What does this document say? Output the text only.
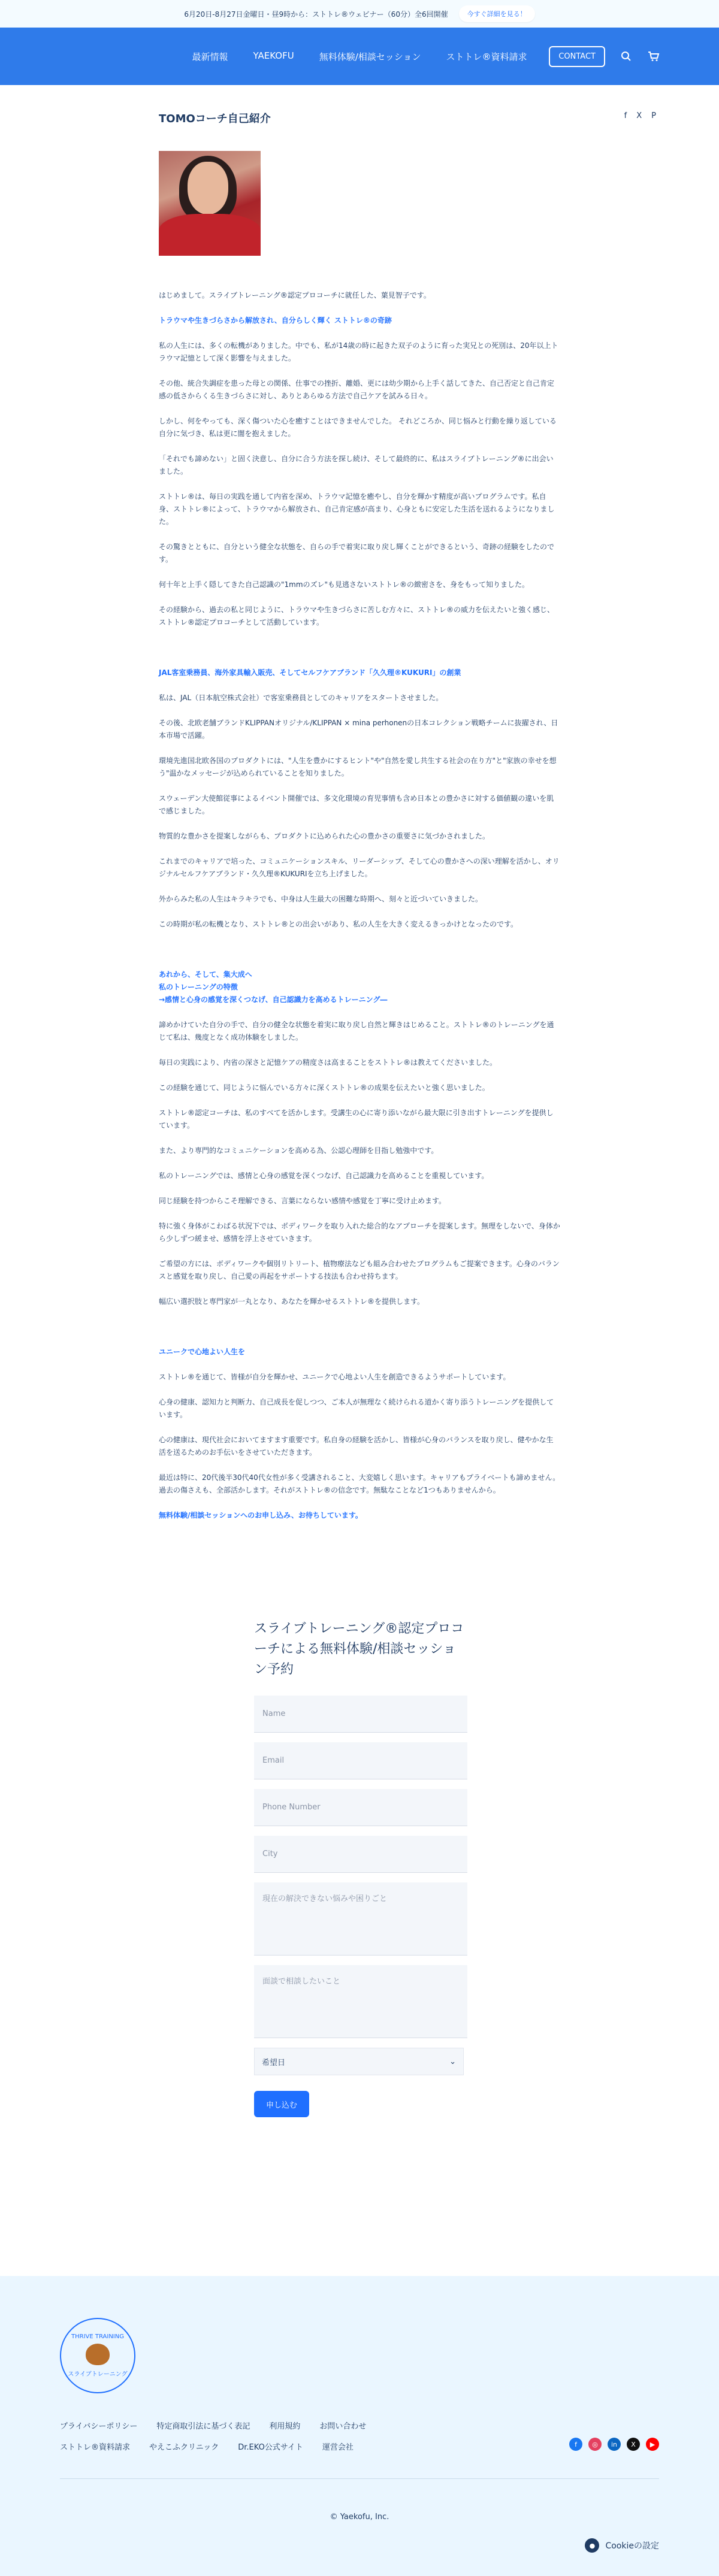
6月20日-8月27日金曜日・昼9時から：ストトレ®ウェビナー（60分）全6回開催	今すぐ詳細を見る！
最新情報	YAEKOFU	無料体験/相談セッション	ストトレ®資料請求	CONTACT
TOMOコーチ自己紹介	f X P

はじめまして。スライブトレーニング®認定プロコーチに就任した、葉見智子です。

トラウマや生きづらさから解放され、自分らしく輝く ストトレ®の奇跡

私の人生には、多くの転機がありました。中でも、私が14歳の時に起きた双子のように育った実兄との死別は、20年以上トラウマ記憶として深く影響を与えました。

その他、統合失調症を患った母との関係、仕事での挫折、離婚、更には幼少期から上手く話してきた、自己否定と自己肯定感の低さからくる生きづらさに対し、ありとあらゆる方法で自己ケアを試みる日々。

しかし、何をやっても、深く傷ついた心を癒すことはできませんでした。 それどころか、同じ悩みと行動を繰り返している自分に気づき、私は更に闇を抱えました。

「それでも諦めない」と固く決意し、自分に合う方法を探し続け、そして最終的に、私はスライブトレーニング®に出会いました。

ストトレ®は、毎日の実践を通して内省を深め、トラウマ記憶を癒やし、自分を輝かす精度が高いプログラムです。私自身、ストトレ®によって、トラウマから解放され、自己肯定感が高まり、心身ともに安定した生活を送れるようになりました。

その驚きとともに、自分という健全な状態を、自らの手で着実に取り戻し輝くことができるという、奇跡の経験をしたのです。

何十年と上手く隠してきた自己認識の"1mmのズレ"も見逃さないストトレ®の緻密さを、身をもって知りました。

その経験から、過去の私と同じように、トラウマや生きづらさに苦しむ方々に、ストトレ®の威力を伝えたいと強く感じ、ストトレ®認定プロコーチとして活動しています。

JAL客室乗務員、海外家具輸入販売、そしてセルフケアブランド「久久理®KUKURI」の創業

私は、JAL（日本航空株式会社）で客室乗務員としてのキャリアをスタートさせました。

その後、北欧老舗ブランドKLIPPANオリジナル/KLIPPAN × mina perhonenの日本コレクション戦略チームに抜擢され、日本市場で活躍。

環境先進国北欧各国のプロダクトには、"人生を豊かにするヒント"や"自然を愛し共生する社会の在り方"と"家族の幸せを想う"温かなメッセージが込められていることを知りました。

スウェーデン大使館従事によるイベント開催では、多文化環境の育児事情も含め日本との豊かさに対する価値観の違いを肌で感じました。

物質的な豊かさを提案しながらも、プロダクトに込められた心の豊かさの重要さに気づかされました。

これまでのキャリアで培った、コミュニケーションスキル、リーダーシップ、そして心の豊かさへの深い理解を活かし、オリジナルセルフケアブランド・久久理®KUKURIを立ち上げました。

外からみた私の人生はキラキラでも、中身は人生最大の困難な時期へ、刻々と近づいていきました。

この時期が私の転機となり、ストトレ®との出会いがあり、私の人生を大きく変えるきっかけとなったのです。

あれから、そして、集大成へ
私のトレーニングの特徴
→感情と心身の感覚を深くつなげ、自己認識力を高めるトレーニング―

諦めかけていた自分の手で、自分の健全な状態を着実に取り戻し自然と輝きはじめること。ストトレ®のトレーニングを通じて私は、幾度となく成功体験をしました。

毎日の実践により、内省の深さと記憶ケアの精度さは高まることをストトレ®は教えてくださいました。

この経験を通じて、同じように悩んでいる方々に深くストトレ®の成果を伝えたいと強く思いました。

ストトレ®認定コーチは、私のすべてを活かします。受講生の心に寄り添いながら最大限に引き出すトレーニングを提供しています。

また、より専門的なコミュニケーションを高める為、公認心理師を目指し勉強中です。

私のトレーニングでは、感情と心身の感覚を深くつなげ、自己認識力を高めることを重視しています。

同じ経験を持つからこそ理解できる、言葉にならない感情や感覚を丁寧に受け止めます。

特に強く身体がこわばる状況下では、ボディワークを取り入れた総合的なアプローチを提案します。無理をしないで、身体から少しずつ緩ませ、感情を浮上させていきます。

ご希望の方には、ボディワークや個別リトリート、植物療法なども組み合わせたプログラムもご提案できます。心身のバランスと感覚を取り戻し、自己愛の再起をサポートする技法も合わせ持ちます。

幅広い選択肢と専門家が一丸となり、あなたを輝かせるストトレ®を提供します。

ユニークで心地よい人生を

ストトレ®を通じて、皆様が自分を輝かせ、ユニークで心地よい人生を創造できるようサポートしています。

心身の健康、認知力と判断力、自己成長を促しつつ、ご本人が無理なく続けられる道かく寄り添うトレーニングを提供しています。

心の健康は、現代社会においてますます重要です。私自身の経験を活かし、皆様が心身のバランスを取り戻し、健やかな生活を送るためのお手伝いをさせていただきます。

最近は特に、20代後半30代40代女性が多く受講されること、大変嬉しく思います。キャリアもプライベートも諦めません。過去の傷さえも、全部活かします。それがストトレ®の信念です。無駄なことなど1つもありませんから。

無料体験/相談セッションへのお申し込み、お待ちしています。

スライブトレーニング®認定プロコーチによる無料体験/相談セッション予約
Name
Email
Phone Number
City
現在の解決できない悩みや困りごと
面談で相談したいこと
希望日	⌄
申し込む
THRIVE TRAINING
スライブトレーニング
プライバシーポリシー 特定商取引法に基づく表記 利用規約 お問い合わせ
ストトレ®資料請求 やえこふクリニック Dr.EKO公式サイト 運営会社	f	◎	in	X	▶
© Yaekofu, Inc.
●	Cookieの設定
